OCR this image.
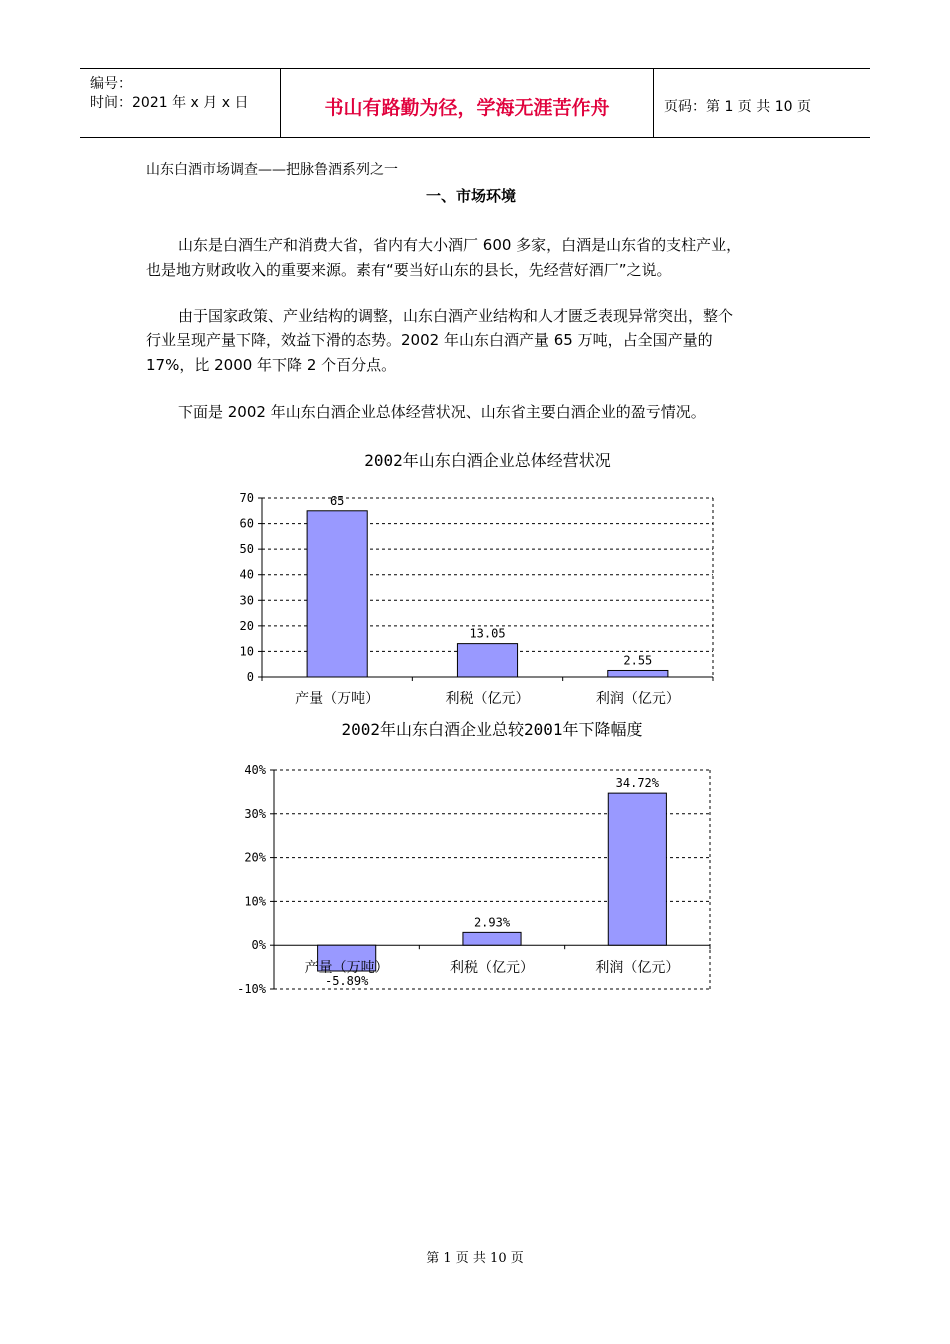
编号：
时间：2021 年 x 月 x 日	书山有路勤为径，学海无涯苦作舟	页码：第 1 页 共 10 页
山东白酒市场调查——把脉鲁酒系列之一
一、市场环境
山东是白酒生产和消费大省，省内有大小酒厂 600 多家，白酒是山东省的支柱产业，
也是地方财政收入的重要来源。素有“要当好山东的县长，先经营好酒厂”之说。
由于国家政策、产业结构的调整，山东白酒产业结构和人才匮乏表现异常突出，整个
行业呈现产量下降，效益下滑的态势。2002 年山东白酒产量 65 万吨，占全国产量的
17%，比 2000 年下降 2 个百分点。
下面是 2002 年山东白酒企业总体经营状况、山东省主要白酒企业的盈亏情况。
2002年山东白酒企业总体经营状况
0
10
20
30
40
50
60
70	65
产量（万吨）
13.05
利税（亿元）
2.55
利润（亿元）
2002年山东白酒企业总较2001年下降幅度
-10%
0%
10%
20%
30%
40%
-5.89%
产量（万吨）
2.93%
利税（亿元）
34.72%
利润（亿元）
第 1 页 共 10 页
